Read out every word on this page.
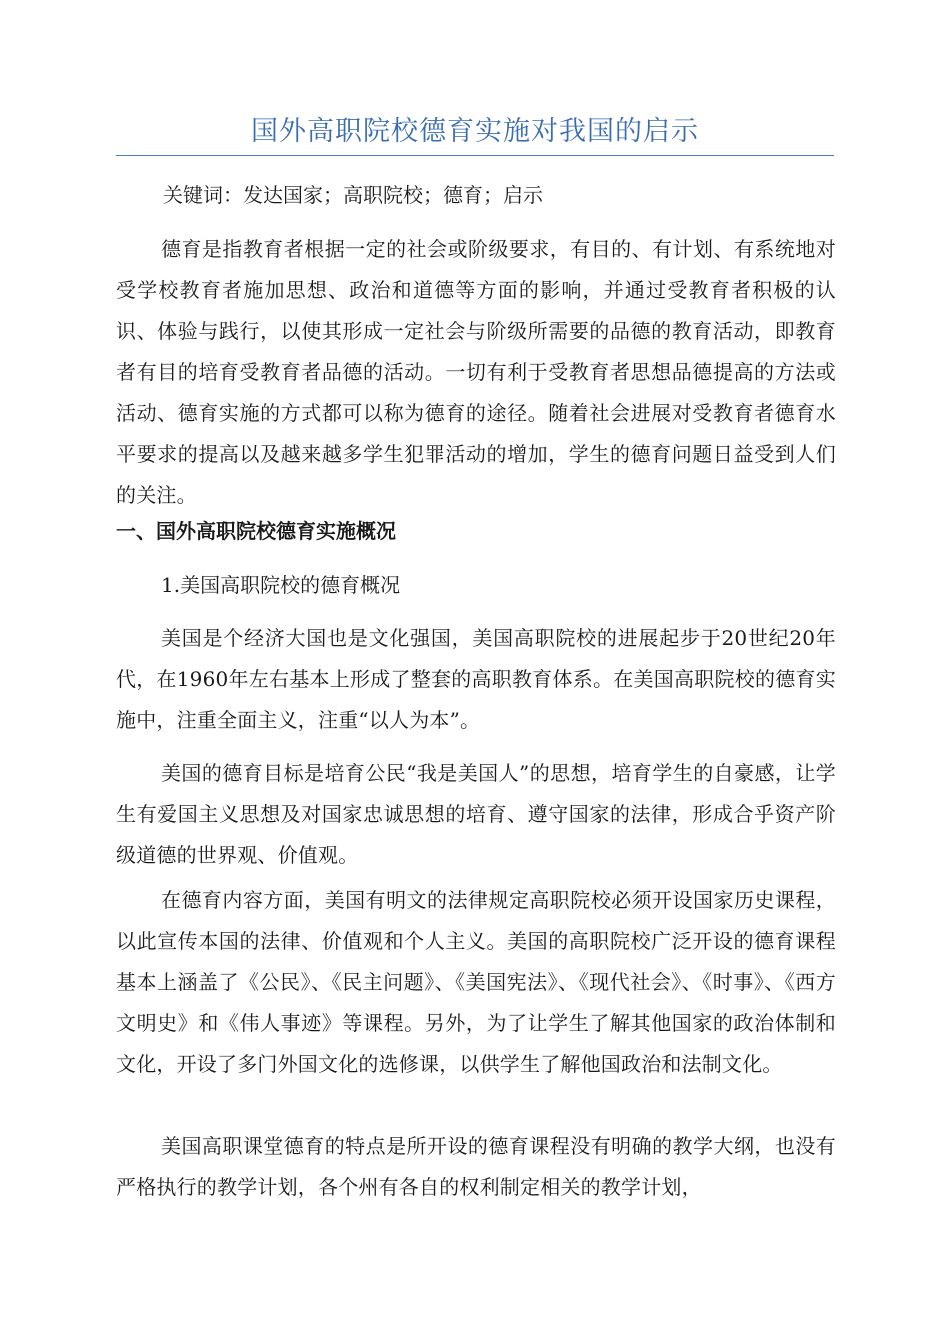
国外高职院校德育实施对我国的启示
关键词：发达国家；高职院校；德育；启示
德育是指教育者根据一定的社会或阶级要求，有目的、有计划、有系统地对受学校教育者施加思想、政治和道德等方面的影响，并通过受教育者积极的认识、体验与践行，以使其形成一定社会与阶级所需要的品德的教育活动，即教育者有目的培育受教育者品德的活动。一切有利于受教育者思想品德提高的方法或活动、德育实施的方式都可以称为德育的途径。随着社会进展对受教育者德育水平要求的提高以及越来越多学生犯罪活动的增加，学生的德育问题日益受到人们的关注。
一、国外高职院校德育实施概况
1.美国高职院校的德育概况
美国是个经济大国也是文化强国，美国高职院校的进展起步于20世纪20年代，在1960年左右基本上形成了整套的高职教育体系。在美国高职院校的德育实施中，注重全面主义，注重“以人为本”。
美国的德育目标是培育公民“我是美国人”的思想，培育学生的自豪感，让学生有爱国主义思想及对国家忠诚思想的培育、遵守国家的法律，形成合乎资产阶级道德的世界观、价值观。
在德育内容方面，美国有明文的法律规定高职院校必须开设国家历史课程，以此宣传本国的法律、价值观和个人主义。美国的高职院校广泛开设的德育课程基本上涵盖了《公民》、《民主问题》、《美国宪法》、《现代社会》、《时事》、《西方文明史》和《伟人事迹》等课程。另外，为了让学生了解其他国家的政治体制和文化，开设了多门外国文化的选修课，以供学生了解他国政治和法制文化。
美国高职课堂德育的特点是所开设的德育课程没有明确的教学大纲，也没有严格执行的教学计划，各个州有各自的权利制定相关的教学计划，
